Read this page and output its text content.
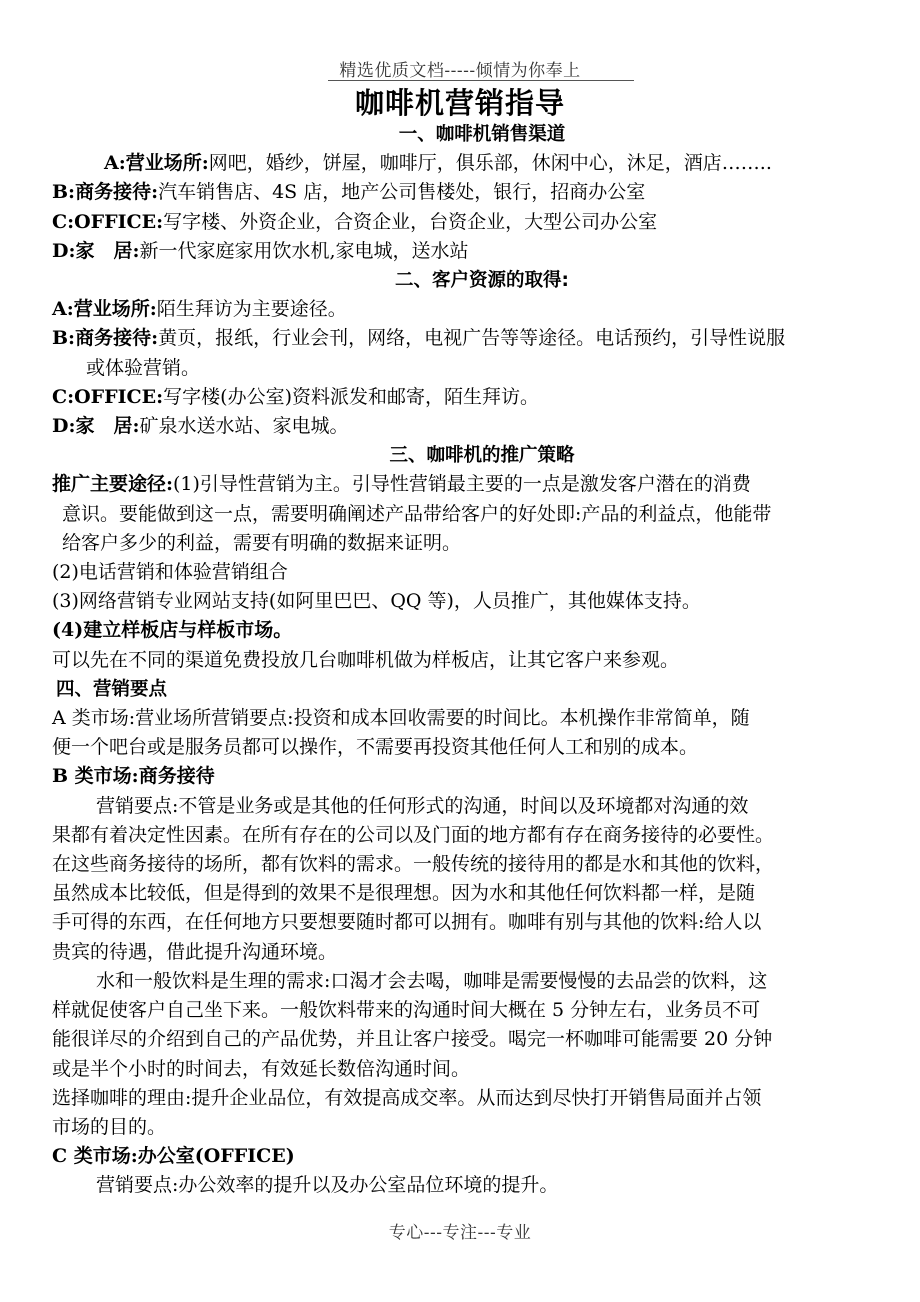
精选优质文档-----倾情为你奉上
咖啡机营销指导

一、咖啡机销售渠道

A:营业场所:网吧，婚纱，饼屋，咖啡厅，俱乐部，休闲中心，沐足，酒店……..

B:商务接待:汽车销售店、4S 店，地产公司售楼处，银行，招商办公室

C:OFFICE:写字楼、外资企业，合资企业，台资企业，大型公司办公室

D:家　居:新一代家庭家用饮水机,家电城，送水站

二、客户资源的取得:

A:营业场所:陌生拜访为主要途径。

B:商务接待:黄页，报纸，行业会刊，网络，电视广告等等途径。电话预约，引导性说服

或体验营销。

C:OFFICE:写字楼(办公室)资料派发和邮寄，陌生拜访。

D:家　居:矿泉水送水站、家电城。

三、咖啡机的推广策略

推广主要途径:(1)引导性营销为主。引导性营销最主要的一点是激发客户潜在的消费

意识。要能做到这一点，需要明确阐述产品带给客户的好处即:产品的利益点，他能带

给客户多少的利益，需要有明确的数据来证明。

(2)电话营销和体验营销组合

(3)网络营销专业网站支持(如阿里巴巴、QQ 等)，人员推广，其他媒体支持。

(4)建立样板店与样板市场。

可以先在不同的渠道免费投放几台咖啡机做为样板店，让其它客户来参观。

四、营销要点

A 类市场:营业场所营销要点:投资和成本回收需要的时间比。本机操作非常简单，随

便一个吧台或是服务员都可以操作，不需要再投资其他任何人工和别的成本。

B 类市场:商务接待

营销要点:不管是业务或是其他的任何形式的沟通，时间以及环境都对沟通的效

果都有着决定性因素。在所有存在的公司以及门面的地方都有存在商务接待的必要性。

在这些商务接待的场所，都有饮料的需求。一般传统的接待用的都是水和其他的饮料，

虽然成本比较低，但是得到的效果不是很理想。因为水和其他任何饮料都一样，是随

手可得的东西，在任何地方只要想要随时都可以拥有。咖啡有别与其他的饮料:给人以

贵宾的待遇，借此提升沟通环境。

水和一般饮料是生理的需求:口渴才会去喝，咖啡是需要慢慢的去品尝的饮料，这

样就促使客户自己坐下来。一般饮料带来的沟通时间大概在 5 分钟左右，业务员不可

能很详尽的介绍到自己的产品优势，并且让客户接受。喝完一杯咖啡可能需要 20 分钟

或是半个小时的时间去，有效延长数倍沟通时间。

选择咖啡的理由:提升企业品位，有效提高成交率。从而达到尽快打开销售局面并占领

市场的目的。

C 类市场:办公室(OFFICE)

营销要点:办公效率的提升以及办公室品位环境的提升。

专心---专注---专业
